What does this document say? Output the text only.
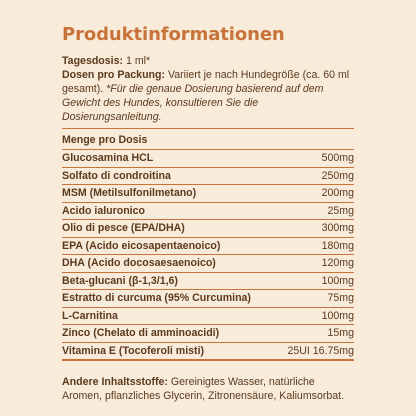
Produktinformationen
Tagesdosis: 1 ml*
Dosen pro Packung: Variiert je nach Hundegröße (ca. 60 ml gesamt). *Für die genaue Dosierung basierend auf dem Gewicht des Hundes, konsultieren Sie die Dosierungsanleitung.
Menge pro Dosis
Glucosamina HCL	500mg
Solfato di condroitina	250mg
MSM (Metilsulfonilmetano)	200mg
Acido ialuronico	25mg
Olio di pesce (EPA/DHA)	300mg
EPA (Acido eicosapentaenoico)	180mg
DHA (Acido docosaesaenoico)	120mg
Beta-glucani (β-1,3/1,6)	100mg
Estratto di curcuma (95% Curcumina)	75mg
L-Carnitina	100mg
Zinco (Chelato di amminoacidi)	15mg
Vitamina E (Tocoferoli misti)	25UI 16.75mg
Andere Inhaltsstoffe: Gereinigtes Wasser, natürliche Aromen, pflanzliches Glycerin, Zitronensäure, Kaliumsorbat.
